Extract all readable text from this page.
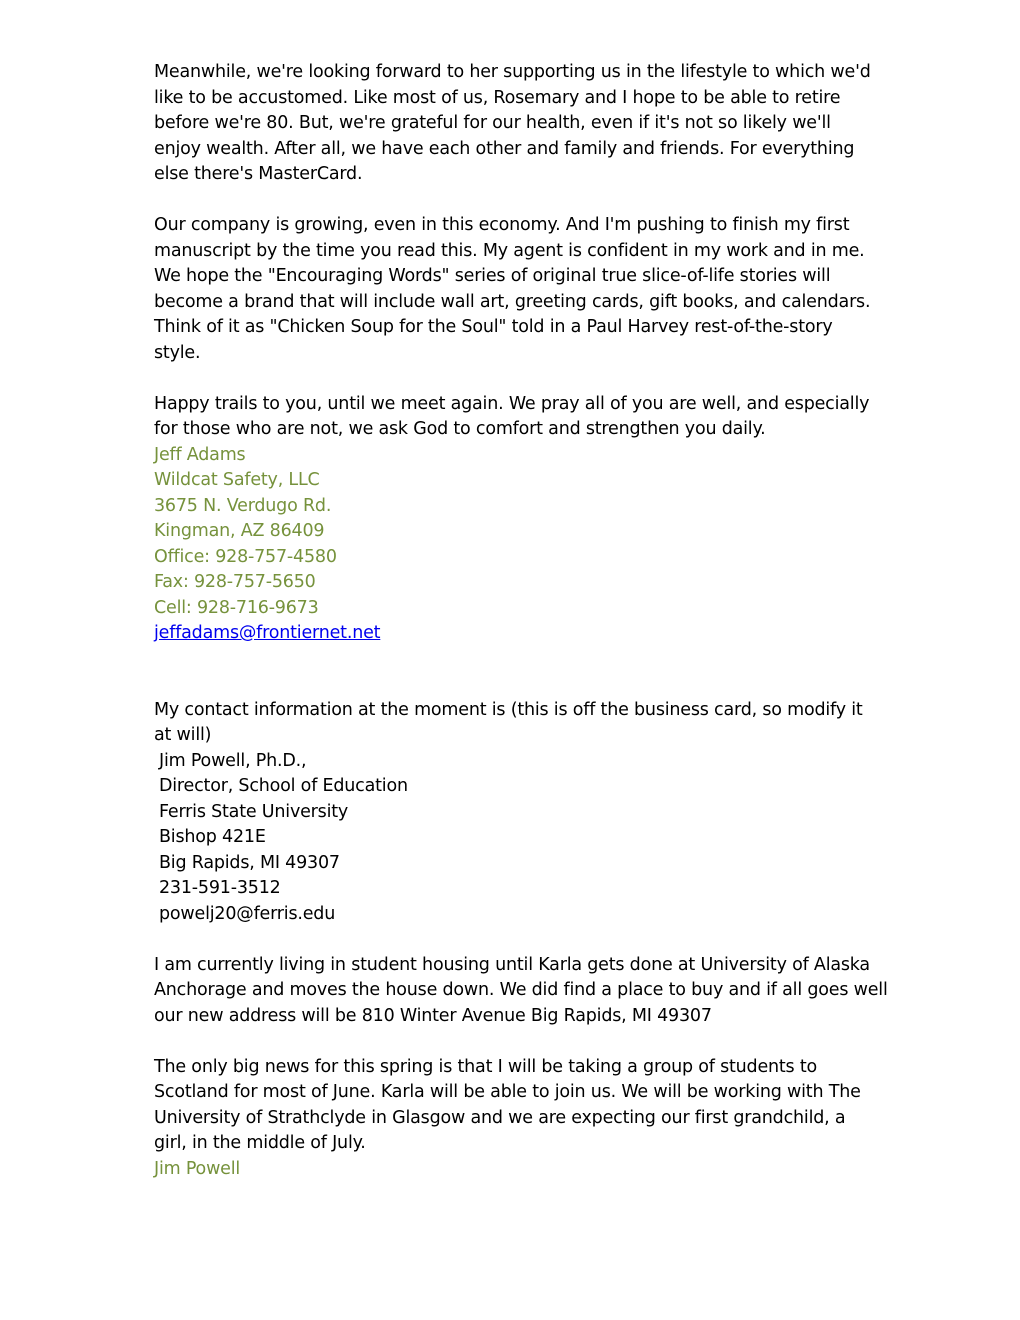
Meanwhile, we're looking forward to her supporting us in the lifestyle to which we'd
like to be accustomed. Like most of us, Rosemary and I hope to be able to retire
before we're 80. But, we're grateful for our health, even if it's not so likely we'll
enjoy wealth. After all, we have each other and family and friends. For everything
else there's MasterCard.
Our company is growing, even in this economy. And I'm pushing to finish my first
manuscript by the time you read this. My agent is confident in my work and in me.
We hope the "Encouraging Words" series of original true slice-of-life stories will
become a brand that will include wall art, greeting cards, gift books, and calendars.
Think of it as "Chicken Soup for the Soul" told in a Paul Harvey rest-of-the-story
style.
Happy trails to you, until we meet again. We pray all of you are well, and especially
for those who are not, we ask God to comfort and strengthen you daily.
Jeff Adams
Wildcat Safety, LLC
3675 N. Verdugo Rd.
Kingman, AZ 86409
Office: 928-757-4580
Fax: 928-757-5650
Cell: 928-716-9673
jeffadams@frontiernet.net
My contact information at the moment is (this is off the business card, so modify it
at will)
Jim Powell, Ph.D.,
Director, School of Education
Ferris State University
Bishop 421E
Big Rapids, MI 49307
231-591-3512
powelj20@ferris.edu
I am currently living in student housing until Karla gets done at University of Alaska
Anchorage and moves the house down. We did find a place to buy and if all goes well
our new address will be 810 Winter Avenue Big Rapids, MI 49307
The only big news for this spring is that I will be taking a group of students to
Scotland for most of June. Karla will be able to join us. We will be working with The
University of Strathclyde in Glasgow and we are expecting our first grandchild, a
girl, in the middle of July.
Jim Powell
